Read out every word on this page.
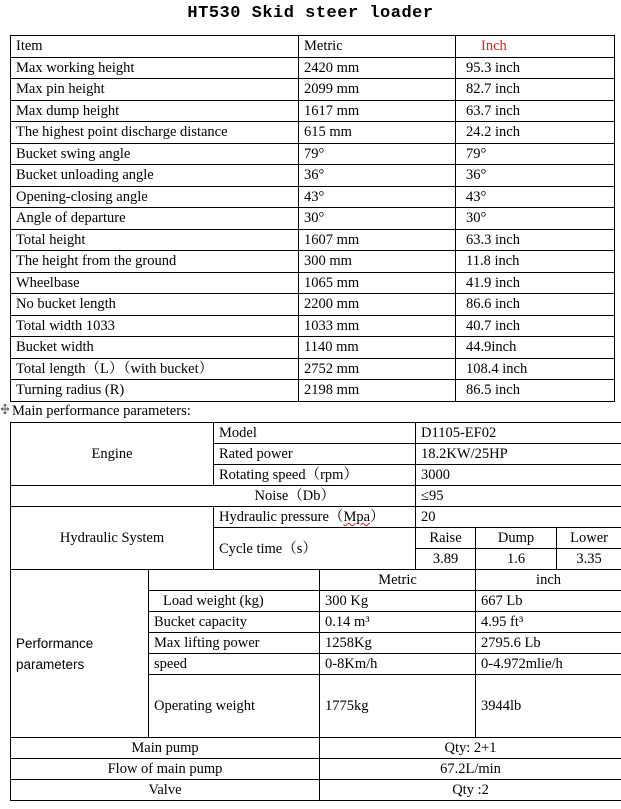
HT530 Skid steer loader
Item	Metric	Inch
Max working height	2420 mm	95.3 inch
Max pin height	2099 mm	82.7 inch
Max dump height	1617 mm	63.7 inch
The highest point discharge distance	615 mm	24.2 inch
Bucket swing angle	79°	79°
Bucket unloading angle	36°	36°
Opening-closing angle	43°	43°
Angle of departure	30°	30°
Total height	1607 mm	63.3 inch
The height from the ground	300 mm	11.8 inch
Wheelbase	1065 mm	41.9 inch
No bucket length	2200 mm	86.6 inch
Total width 1033	1033 mm	40.7 inch
Bucket width	1140 mm	44.9inch
Total length（L）（with bucket）	2752 mm	108.4 inch
Turning radius (R)	2198 mm	86.5 inch
Main performance parameters:
Engine		Model		D1105-EF02		
		Rated power		18.2KW/25HP		
		Rotating speed（rpm）		3000		
Noise（Db）				≤95		
Hydraulic System		Hydraulic pressure（Mpa）		20		
		Cycle time（s）		Raise	Dump	Lower
				3.89	1.6	3.35

Performance
parameters			Metric		inch	
	Load weight (kg)		300 Kg		667 Lb	
	Bucket capacity		0.14 m³		4.95 ft³	
	Max lifting power		1258Kg		2795.6 Lb	
	speed		0-8Km/h		0-4.972mlie/h	
	Operating weight		1775kg		3944lb	
Main pump			Qty: 2+1			
Flow of main pump			67.2L/min			
Valve			Qty :2			
